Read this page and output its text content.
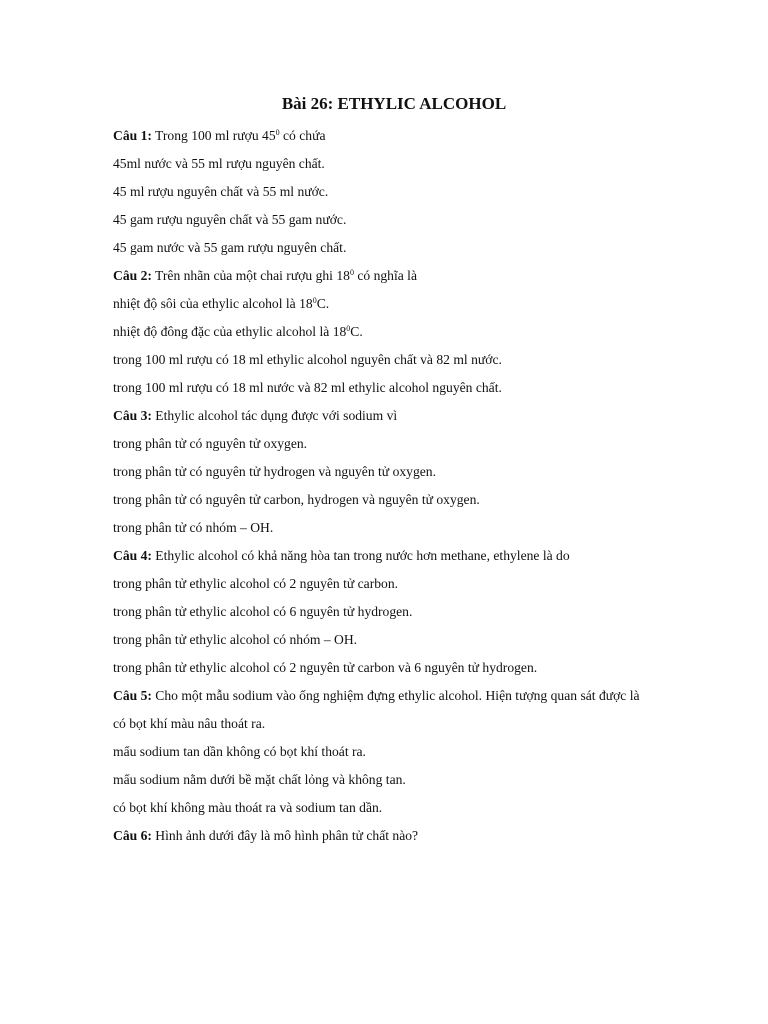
Bài 26: ETHYLIC ALCOHOL
Câu 1: Trong 100 ml rượu $45^0$ có chứa
45ml nước và 55 ml rượu nguyên chất.
45 ml rượu nguyên chất và 55 ml nước.
45 gam rượu nguyên chất và 55 gam nước.
45 gam nước và 55 gam rượu nguyên chất.
Câu 2: Trên nhãn của một chai rượu ghi $18^0$ có nghĩa là
nhiệt độ sôi của ethylic alcohol là $18^0C$.
nhiệt độ đông đặc của ethylic alcohol là $18^0C$.
trong 100 ml rượu có 18 ml ethylic alcohol nguyên chất và 82 ml nước.
trong 100 ml rượu có 18 ml nước và 82 ml ethylic alcohol nguyên chất.
Câu 3: Ethylic alcohol tác dụng được với sodium vì
trong phân tử có nguyên tử oxygen.
trong phân tử có nguyên tử hydrogen và nguyên tử oxygen.
trong phân tử có nguyên tử carbon, hydrogen và nguyên tử oxygen.
trong phân tử có nhóm – OH.
Câu 4: Ethylic alcohol có khả năng hòa tan trong nước hơn methane, ethylene là do
trong phân tử ethylic alcohol có 2 nguyên tử carbon.
trong phân tử ethylic alcohol có 6 nguyên tử hydrogen.
trong phân tử ethylic alcohol có nhóm – OH.
trong phân tử ethylic alcohol có 2 nguyên tử carbon và 6 nguyên tử hydrogen.
Câu 5: Cho một mẫu sodium vào ống nghiệm đựng ethylic alcohol. Hiện tượng quan sát được là
có bọt khí màu nâu thoát ra.
mẩu sodium tan dần không có bọt khí thoát ra.
mẩu sodium nằm dưới bề mặt chất lỏng và không tan.
có bọt khí không màu thoát ra và sodium tan dần.
Câu 6: Hình ảnh dưới đây là mô hình phân tử chất nào?
